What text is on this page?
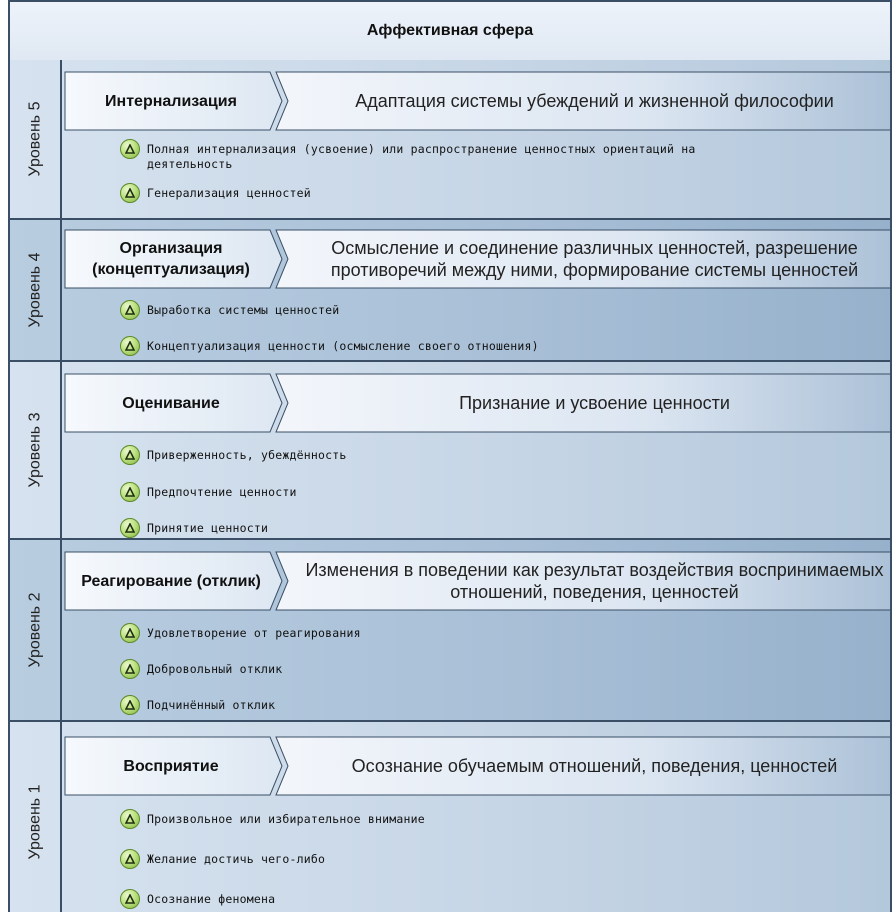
Аффективная сфера
Уровень 5
Интернализация	Адаптация системы убеждений и жизненной философии
Полная интернализация (усвоение) или распространение ценностных ориентаций на деятельность
Генерализация ценностей
Уровень 4
Организация (концептуализация)
Осмысление и соединение различных ценностей, разрешение противоречий между ними, формирование системы ценностей
Выработка системы ценностей
Концептуализация ценности (осмысление своего отношения)
Уровень 3
Оценивание	Признание и усвоение ценности
Приверженность, убеждённость
Предпочтение ценности
Принятие ценности
Уровень 2
Реагирование (отклик)
Изменения в поведении как результат воздействия воспринимаемых отношений, поведения, ценностей
Удовлетворение от реагирования
Добровольный отклик
Подчинённый отклик
Уровень 1
Восприятие	Осознание обучаемым отношений, поведения, ценностей
Произвольное или избирательное внимание
Желание достичь чего-либо
Осознание феномена
